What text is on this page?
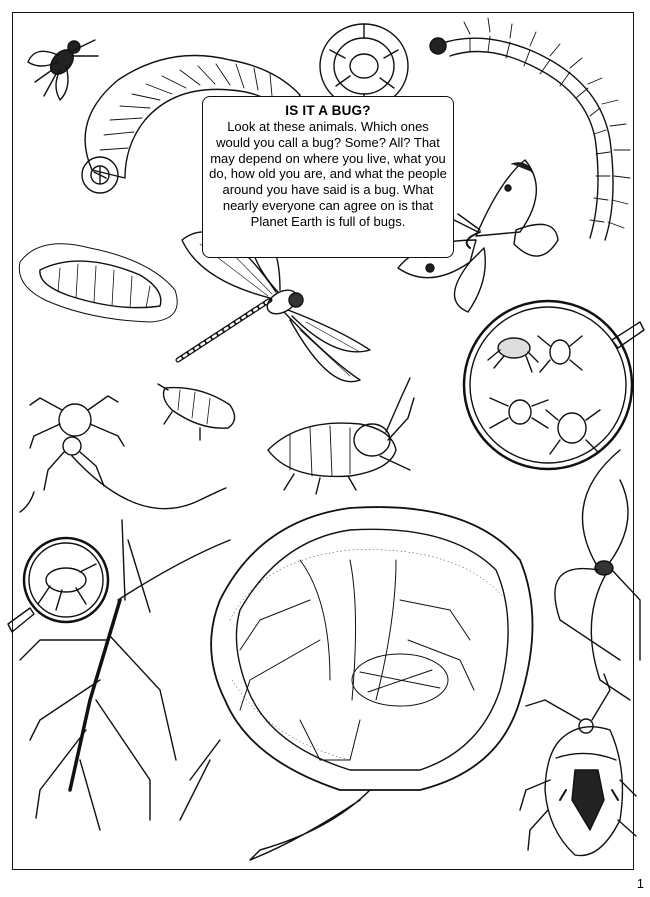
IS IT A BUG?
Look at these animals. Which ones would you call a bug? Some? All? That may depend on where you live, what you do, how old you are, and what the people around you have said is a bug. What nearly everyone can agree on is that Planet Earth is full of bugs.
1
